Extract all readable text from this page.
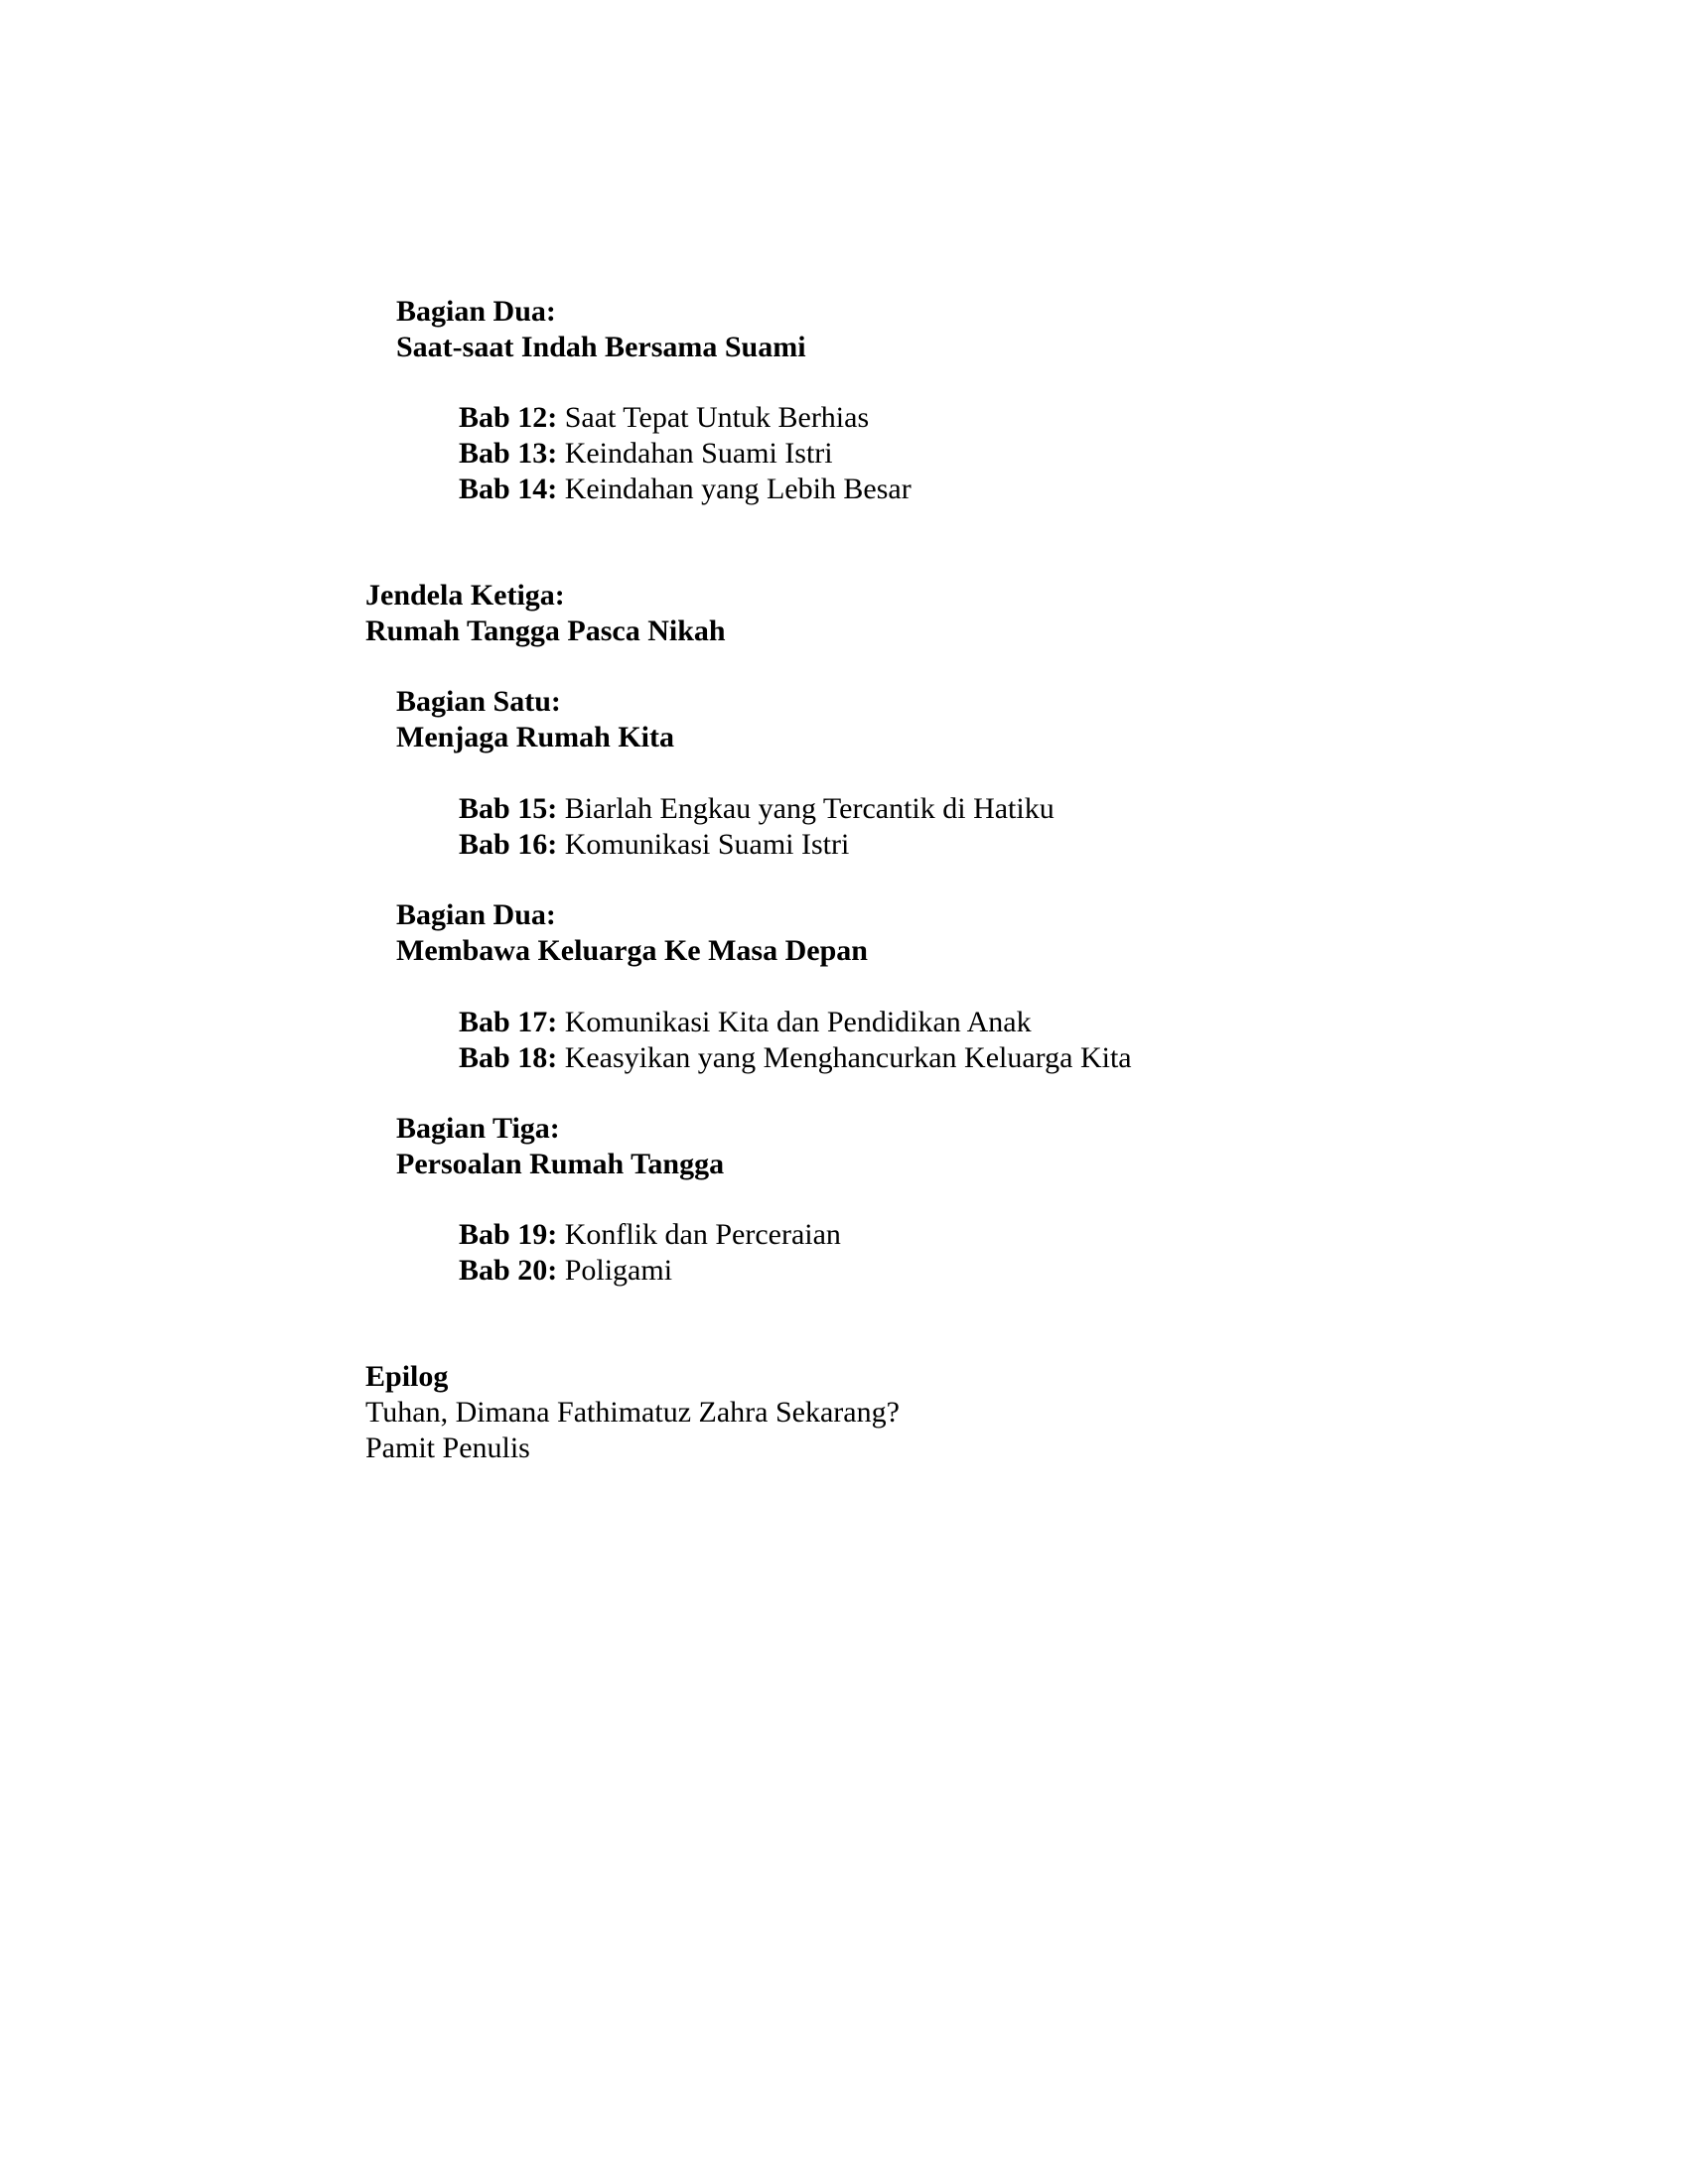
Bagian Dua:
Saat-saat Indah Bersama Suami
Bab 12: Saat Tepat Untuk Berhias
Bab 13: Keindahan Suami Istri
Bab 14: Keindahan yang Lebih Besar
Jendela Ketiga:
Rumah Tangga Pasca Nikah
Bagian Satu:
Menjaga Rumah Kita
Bab 15: Biarlah Engkau yang Tercantik di Hatiku
Bab 16: Komunikasi Suami Istri
Bagian Dua:
Membawa Keluarga Ke Masa Depan
Bab 17: Komunikasi Kita dan Pendidikan Anak
Bab 18: Keasyikan yang Menghancurkan Keluarga Kita
Bagian Tiga:
Persoalan Rumah Tangga
Bab 19: Konflik dan Perceraian
Bab 20: Poligami
Epilog
Tuhan, Dimana Fathimatuz Zahra Sekarang?
Pamit Penulis
